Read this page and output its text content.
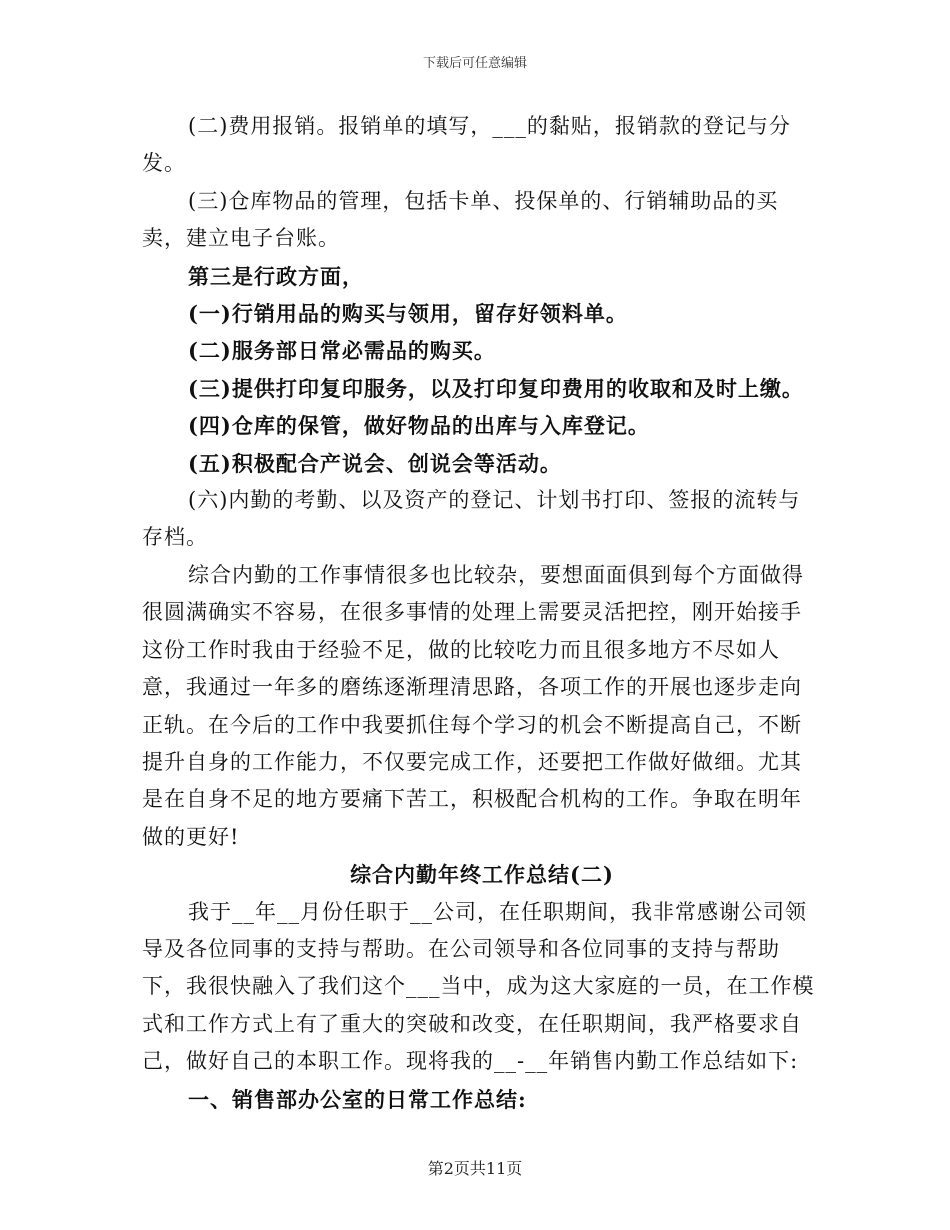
下载后可任意编辑

(二)费用报销。报销单的填写，___的黏贴，报销款的登记与分发。

(三)仓库物品的管理，包括卡单、投保单的、行销辅助品的买卖，建立电子台账。

第三是行政方面，

(一)行销用品的购买与领用，留存好领料单。

(二)服务部日常必需品的购买。

(三)提供打印复印服务，以及打印复印费用的收取和及时上缴。

(四)仓库的保管，做好物品的出库与入库登记。

(五)积极配合产说会、创说会等活动。

(六)内勤的考勤、以及资产的登记、计划书打印、签报的流转与存档。

综合内勤的工作事情很多也比较杂，要想面面俱到每个方面做得很圆满确实不容易，在很多事情的处理上需要灵活把控，刚开始接手这份工作时我由于经验不足，做的比较吃力而且很多地方不尽如人意，我通过一年多的磨练逐渐理清思路，各项工作的开展也逐步走向正轨。在今后的工作中我要抓住每个学习的机会不断提高自己，不断提升自身的工作能力，不仅要完成工作，还要把工作做好做细。尤其是在自身不足的地方要痛下苦工，积极配合机构的工作。争取在明年做的更好!

综合内勤年终工作总结(二)

我于__年__月份任职于__公司，在任职期间，我非常感谢公司领导及各位同事的支持与帮助。在公司领导和各位同事的支持与帮助下，我很快融入了我们这个___当中，成为这大家庭的一员，在工作模式和工作方式上有了重大的突破和改变，在任职期间，我严格要求自己，做好自己的本职工作。现将我的__-__年销售内勤工作总结如下:

一、销售部办公室的日常工作总结:

第2页共11页
